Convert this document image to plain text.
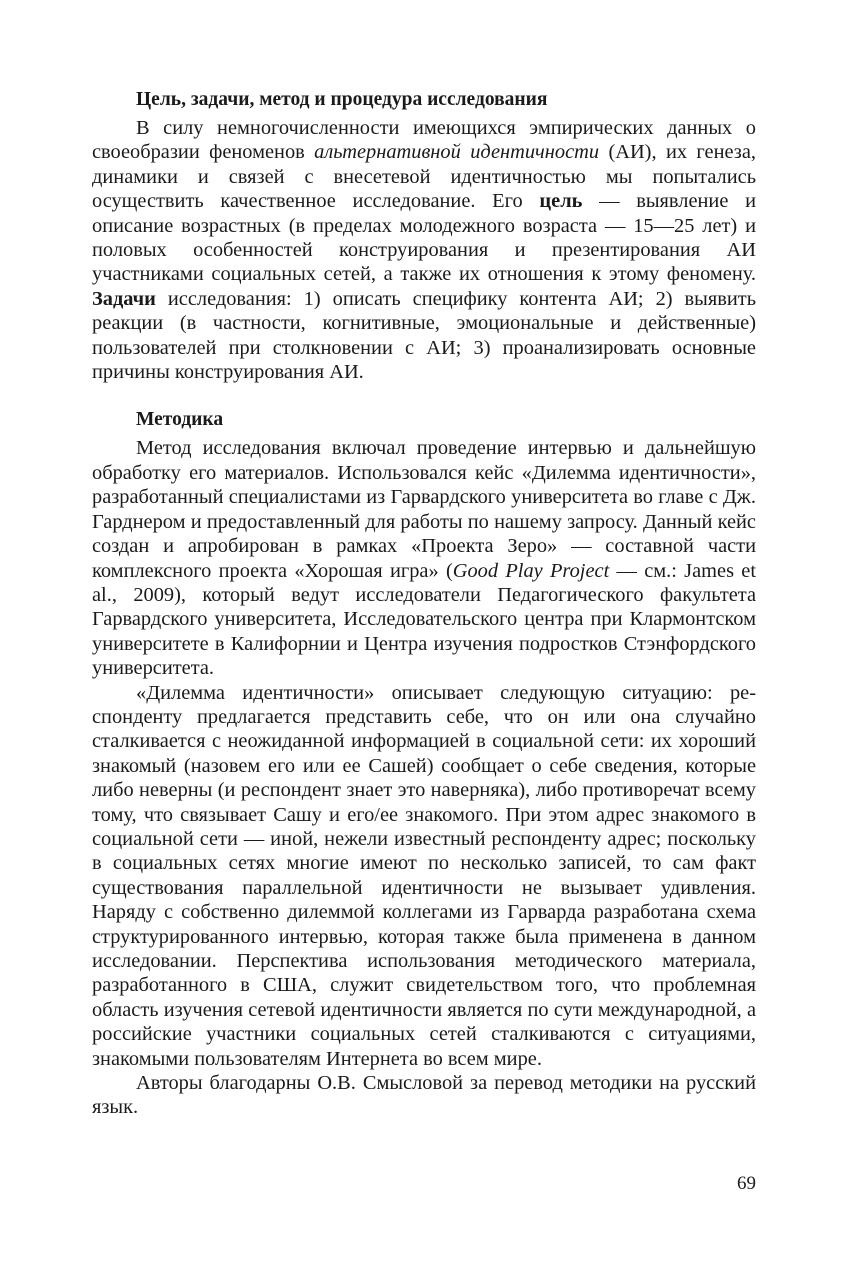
Цель, задачи, метод и процедура исследования

В силу немногочисленности имеющихся эмпирических данных о своеобразии феноменов альтернативной идентичности (АИ), их генеза, динамики и связей с внесетевой идентичностью мы попытались осуществить качественное исследование. Его цель — выявление и описание возрастных (в пределах молодежного возраста — 15—25 лет) и половых особенностей конструирования и презентирования АИ участниками социальных сетей, а также их отношения к этому феномену. Задачи исследования: 1) описать специфику контента АИ; 2) выявить реакции (в частности, когнитивные, эмоциональные и действенные) пользователей при столкновении с АИ; 3) проанализировать основные причины конструирования АИ.

Методика

Метод исследования включал проведение интервью и дальнейшую обработку его материалов. Использовался кейс «Дилемма идентичности», разработанный специалистами из Гарвардского университета во главе с Дж. Гарднером и предоставленный для работы по нашему запросу. Данный кейс создан и апробирован в рамках «Проекта Зеро» — составной части комплексного проекта «Хорошая игра» (Good Play Project — см.: James et al., 2009), который ведут исследователи Педагогического факультета Гарвардского университета, Исследовательского центра при Клармонтском университете в Калифорнии и Центра изучения подростков Стэнфордского университета.

«Дилемма идентичности» описывает следующую ситуацию: респонденту предлагается представить себе, что он или она случайно сталкивается с неожиданной информацией в социальной сети: их хороший знакомый (назовем его или ее Сашей) сообщает о себе сведения, которые либо неверны (и респондент знает это наверняка), либо противоречат всему тому, что связывает Сашу и его/ее знакомого. При этом адрес знакомого в социальной сети — иной, нежели известный респонденту адрес; поскольку в социальных сетях многие имеют по несколько записей, то сам факт существования параллельной идентичности не вызывает удивления. Наряду с собственно дилеммой коллегами из Гарварда разработана схема структурированного интервью, которая также была применена в данном исследовании. Перспектива использования методического материала, разработанного в США, служит свидетельством того, что проблемная область изучения сетевой идентичности является по сути международной, а российские участники социальных сетей сталкиваются с ситуациями, знакомыми пользователям Интернета во всем мире.

Авторы благодарны О.В. Смысловой за перевод методики на русский язык.

69
